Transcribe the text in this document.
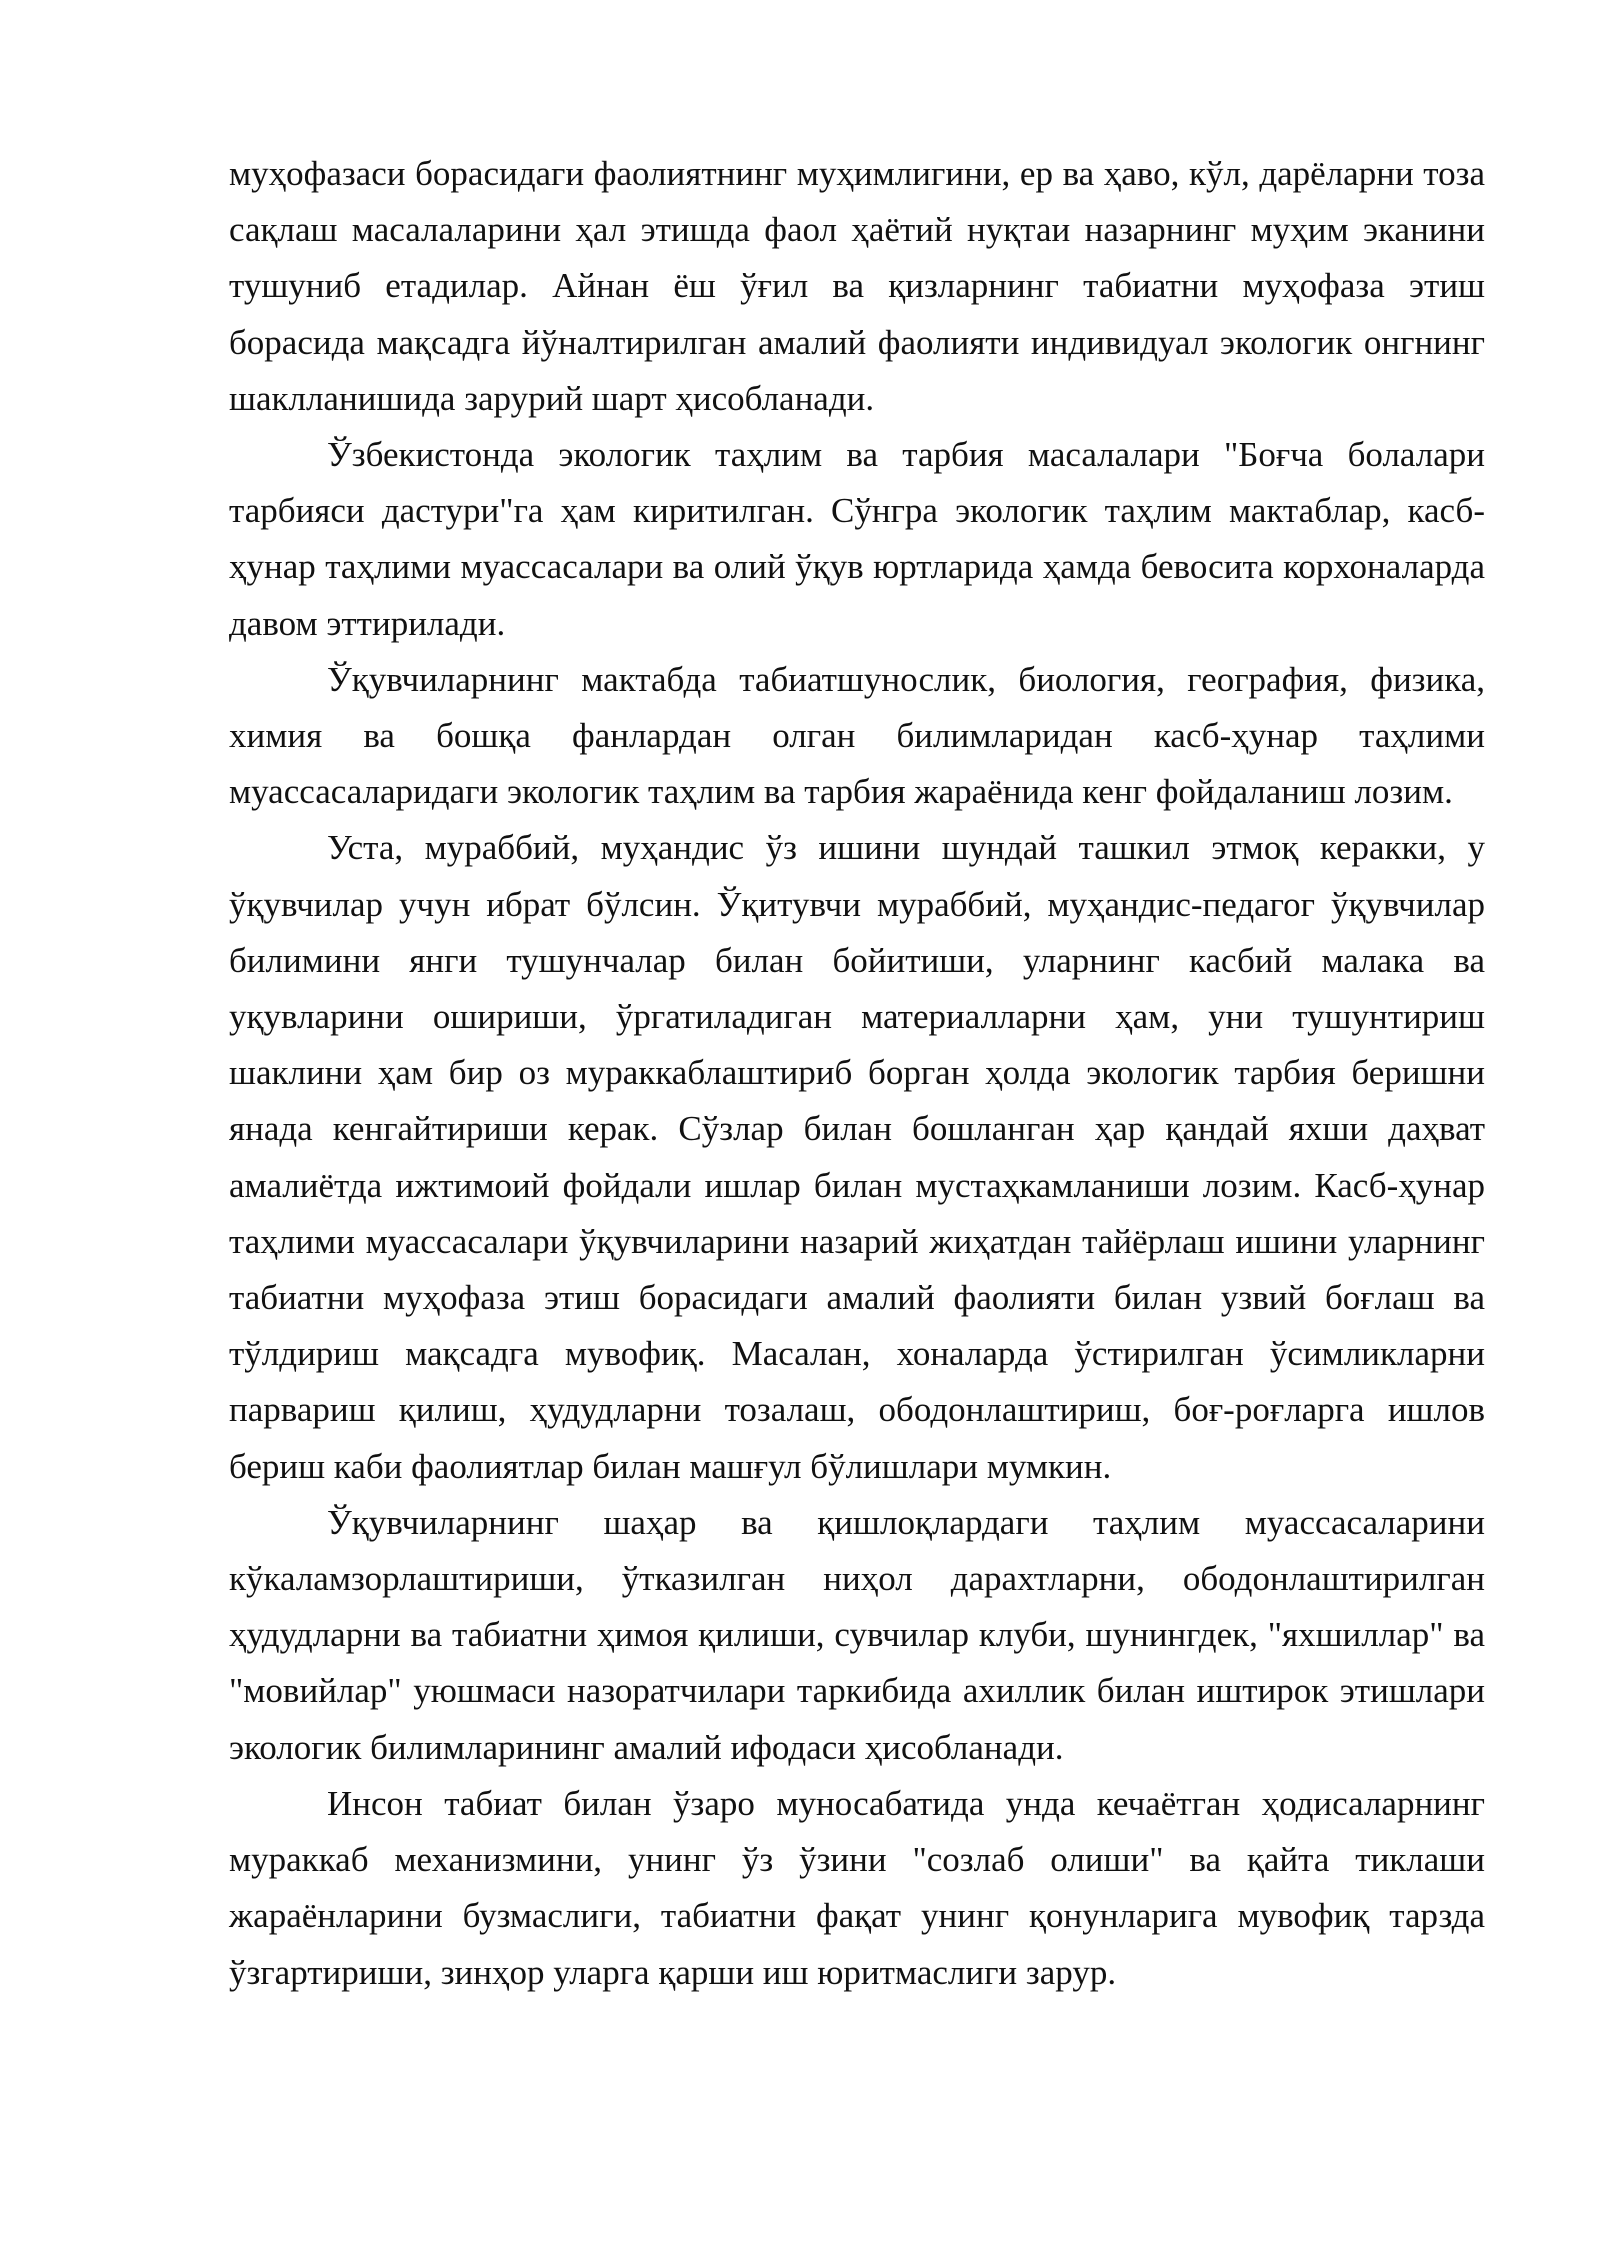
муҳофазаси борасидаги фаолиятнинг муҳимлигини, ер ва ҳаво, кўл, дарёларни тоза сақлаш масалаларини ҳал этишда фаол ҳаётий нуқтаи назарнинг муҳим эканини тушуниб етадилар. Айнан ёш ўғил ва қизларнинг табиатни муҳофаза этиш борасида мақсадга йўналтирилган амалий фаолияти индивидуал экологик онгнинг шаклланишида зарурий шарт ҳисобланади.

Ўзбекистонда экологик таҳлим ва тарбия масалалари "Боғча болалари тарбияси дастури"га ҳам киритилган. Сўнгра экологик таҳлим мактаблар, касб-ҳунар таҳлими муассасалари ва олий ўқув юртларида ҳамда бевосита корхоналарда давом эттирилади.

Ўқувчиларнинг мактабда табиатшунослик, биология, география, физика, химия ва бошқа фанлардан олган билимларидан касб-ҳунар таҳлими муассасаларидаги экологик таҳлим ва тарбия жараёнида кенг фойдаланиш лозим.

Уста, мураббий, муҳандис ўз ишини шундай ташкил этмоқ керакки, у ўқувчилар учун ибрат бўлсин. Ўқитувчи мураббий, муҳандис-педагог ўқувчилар билимини янги тушунчалар билан бойитиши, уларнинг касбий малака ва уқувларини ошириши, ўргатиладиган материалларни ҳам, уни тушунтириш шаклини ҳам бир оз мураккаблаштириб борган ҳолда экологик тарбия беришни янада кенгайтириши керак. Сўзлар билан бошланган ҳар қандай яхши даҳват амалиётда ижтимоий фойдали ишлар билан мустаҳкамланиши лозим. Касб-ҳунар таҳлими муассасалари ўқувчиларини назарий жиҳатдан тайёрлаш ишини уларнинг табиатни муҳофаза этиш борасидаги амалий фаолияти билан узвий боғлаш ва тўлдириш мақсадга мувофиқ. Масалан, хоналарда ўстирилган ўсимликларни парвариш қилиш, ҳудудларни тозалаш, ободонлаштириш, боғ-роғларга ишлов бериш каби фаолиятлар билан машғул бўлишлари мумкин.

Ўқувчиларнинг шаҳар ва қишлоқлардаги таҳлим муассасаларини кўкаламзорлаштириши, ўтказилган ниҳол дарахтларни, ободонлаштирилган ҳудудларни ва табиатни ҳимоя қилиши, сувчилар клуби, шунингдек, "яхшиллар" ва "мовийлар" уюшмаси назоратчилари таркибида ахиллик билан иштирок этишлари экологик билимларининг амалий ифодаси ҳисобланади.

Инсон табиат билан ўзаро муносабатида унда кечаётган ҳодисаларнинг мураккаб механизмини, унинг ўз ўзини "созлаб олиши" ва қайта тиклаши жараёнларини бузмаслиги, табиатни фақат унинг қонунларига мувофиқ тарзда ўзгартириши, зинҳор уларга қарши иш юритмаслиги заруp.
